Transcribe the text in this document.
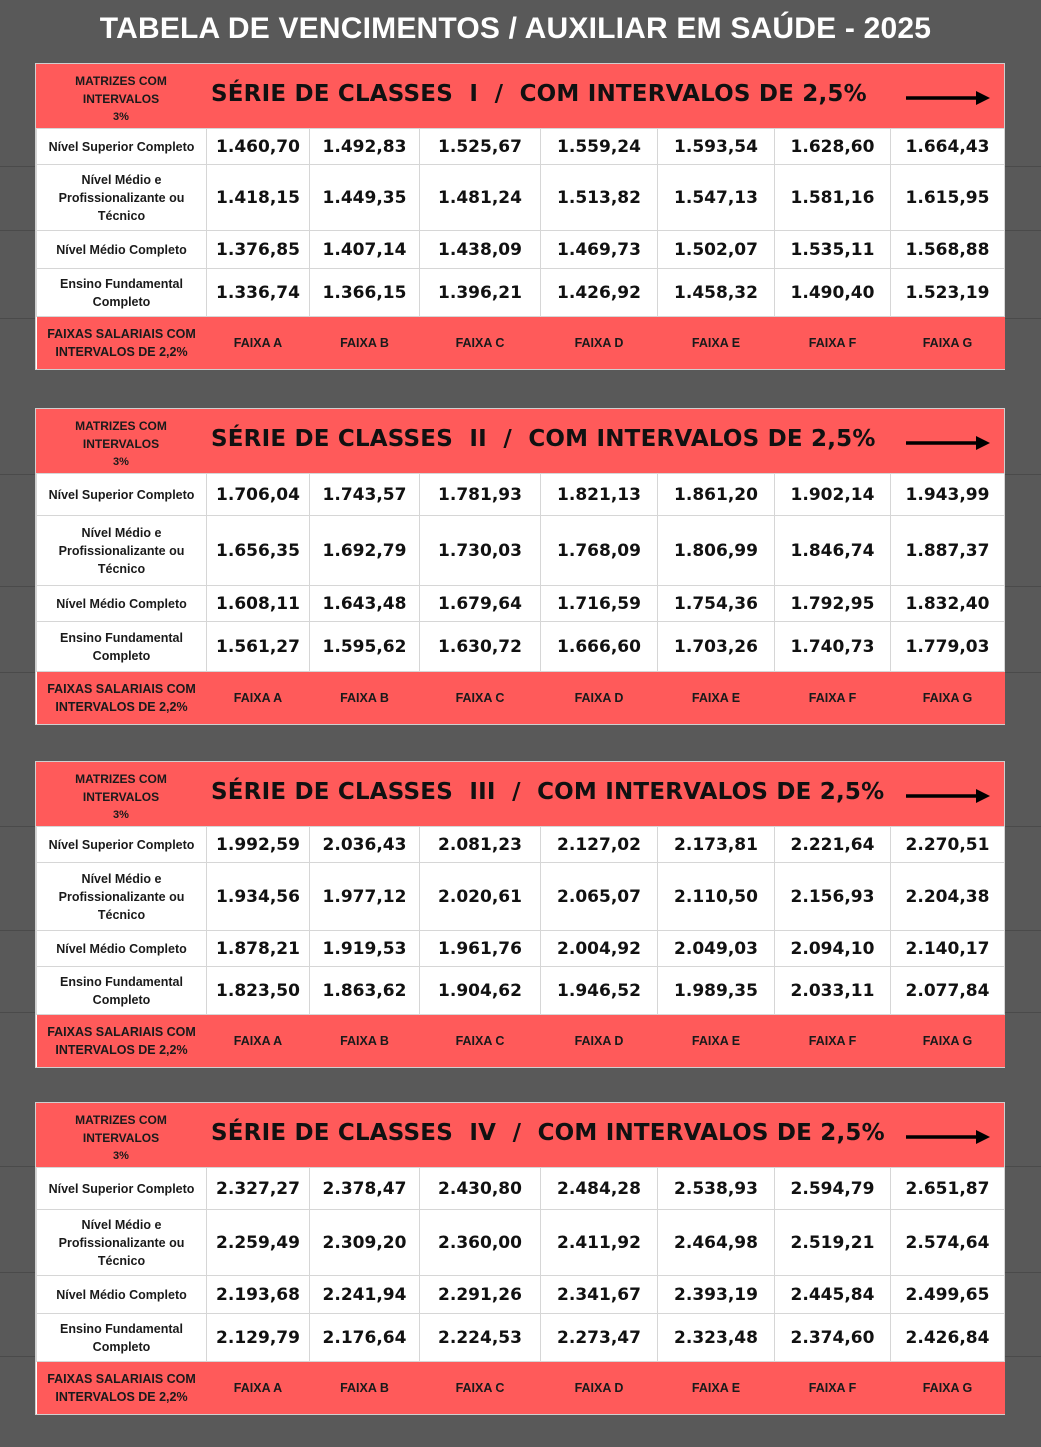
TABELA DE VENCIMENTOS / AUXILIAR EM SAÚDE - 2025
MATRIZES COM
INTERVALOS
3%
SÉRIE DE CLASSES  I  /  COM INTERVALOS DE 2,5%
Nível Superior Completo	1.460,70	1.492,83	1.525,67	1.559,24	1.593,54	1.628,60	1.664,43

Nível Médio e
Profissionalizante ou
Técnico	1.418,15	1.449,35	1.481,24	1.513,82	1.547,13	1.581,16	1.615,95

Nível Médio Completo	1.376,85	1.407,14	1.438,09	1.469,73	1.502,07	1.535,11	1.568,88

Ensino Fundamental
Completo	1.336,74	1.366,15	1.396,21	1.426,92	1.458,32	1.490,40	1.523,19

FAIXAS SALARIAIS COM
INTERVALOS DE 2,2%	FAIXA A	FAIXA B	FAIXA C	FAIXA D	FAIXA E	FAIXA F	FAIXA G
MATRIZES COM
INTERVALOS
3%
SÉRIE DE CLASSES  II  /  COM INTERVALOS DE 2,5%
Nível Superior Completo	1.706,04	1.743,57	1.781,93	1.821,13	1.861,20	1.902,14	1.943,99

Nível Médio e
Profissionalizante ou
Técnico	1.656,35	1.692,79	1.730,03	1.768,09	1.806,99	1.846,74	1.887,37

Nível Médio Completo	1.608,11	1.643,48	1.679,64	1.716,59	1.754,36	1.792,95	1.832,40

Ensino Fundamental
Completo	1.561,27	1.595,62	1.630,72	1.666,60	1.703,26	1.740,73	1.779,03

FAIXAS SALARIAIS COM
INTERVALOS DE 2,2%	FAIXA A	FAIXA B	FAIXA C	FAIXA D	FAIXA E	FAIXA F	FAIXA G
MATRIZES COM
INTERVALOS
3%
SÉRIE DE CLASSES  III  /  COM INTERVALOS DE 2,5%
Nível Superior Completo	1.992,59	2.036,43	2.081,23	2.127,02	2.173,81	2.221,64	2.270,51

Nível Médio e
Profissionalizante ou
Técnico	1.934,56	1.977,12	2.020,61	2.065,07	2.110,50	2.156,93	2.204,38

Nível Médio Completo	1.878,21	1.919,53	1.961,76	2.004,92	2.049,03	2.094,10	2.140,17

Ensino Fundamental
Completo	1.823,50	1.863,62	1.904,62	1.946,52	1.989,35	2.033,11	2.077,84

FAIXAS SALARIAIS COM
INTERVALOS DE 2,2%	FAIXA A	FAIXA B	FAIXA C	FAIXA D	FAIXA E	FAIXA F	FAIXA G
MATRIZES COM
INTERVALOS
3%
SÉRIE DE CLASSES  IV  /  COM INTERVALOS DE 2,5%
Nível Superior Completo	2.327,27	2.378,47	2.430,80	2.484,28	2.538,93	2.594,79	2.651,87

Nível Médio e
Profissionalizante ou
Técnico	2.259,49	2.309,20	2.360,00	2.411,92	2.464,98	2.519,21	2.574,64

Nível Médio Completo	2.193,68	2.241,94	2.291,26	2.341,67	2.393,19	2.445,84	2.499,65

Ensino Fundamental
Completo	2.129,79	2.176,64	2.224,53	2.273,47	2.323,48	2.374,60	2.426,84

FAIXAS SALARIAIS COM
INTERVALOS DE 2,2%	FAIXA A	FAIXA B	FAIXA C	FAIXA D	FAIXA E	FAIXA F	FAIXA G
